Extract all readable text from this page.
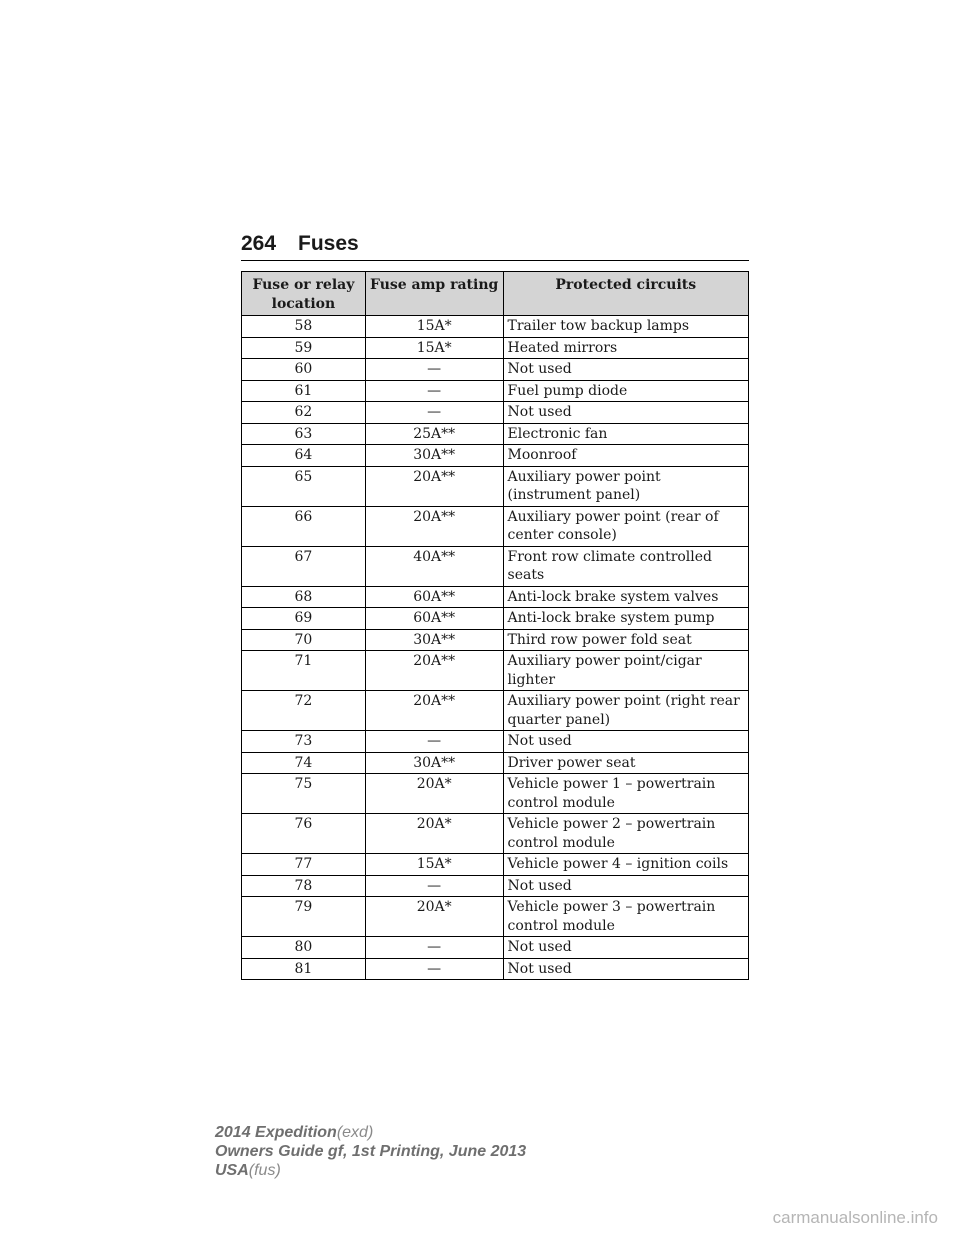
264 Fuses
Fuse or relay location	Fuse amp rating	Protected circuits
58	15A*	Trailer tow backup lamps
59	15A*	Heated mirrors
60	—	Not used
61	—	Fuel pump diode
62	—	Not used
63	25A**	Electronic fan
64	30A**	Moonroof
65	20A**	Auxiliary power point (instrument panel)
66	20A**	Auxiliary power point (rear of center console)
67	40A**	Front row climate controlled seats
68	60A**	Anti-lock brake system valves
69	60A**	Anti-lock brake system pump
70	30A**	Third row power fold seat
71	20A**	Auxiliary power point/cigar lighter
72	20A**	Auxiliary power point (right rear quarter panel)
73	—	Not used
74	30A**	Driver power seat
75	20A*	Vehicle power 1 – powertrain control module
76	20A*	Vehicle power 2 – powertrain control module
77	15A*	Vehicle power 4 – ignition coils
78	—	Not used
79	20A*	Vehicle power 3 – powertrain control module
80	—	Not used
81	—	Not used
2014 Expedition(exd)
Owners Guide gf, 1st Printing, June 2013
USA(fus)
carmanualsonline.info
